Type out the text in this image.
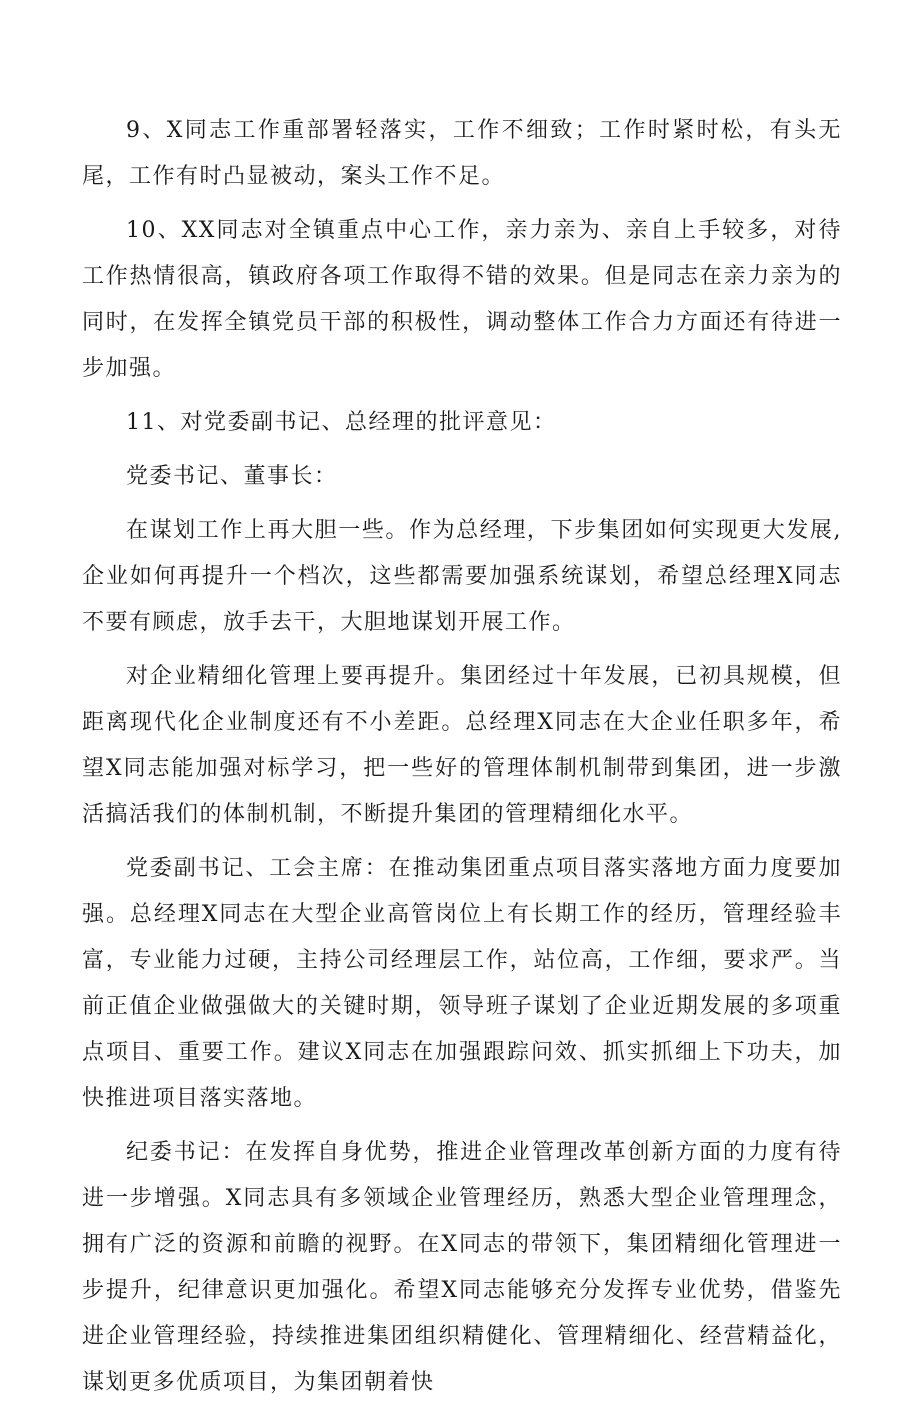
9、X同志工作重部署轻落实，工作不细致；工作时紧时松，有头无尾，工作有时凸显被动，案头工作不足。

10、XX同志对全镇重点中心工作，亲力亲为、亲自上手较多，对待工作热情很高，镇政府各项工作取得不错的效果。但是同志在亲力亲为的同时，在发挥全镇党员干部的积极性，调动整体工作合力方面还有待进一步加强。

11、对党委副书记、总经理的批评意见：

党委书记、董事长：

在谋划工作上再大胆一些。作为总经理，下步集团如何实现更大发展,企业如何再提升一个档次，这些都需要加强系统谋划，希望总经理X同志不要有顾虑，放手去干，大胆地谋划开展工作。

对企业精细化管理上要再提升。集团经过十年发展，已初具规模，但距离现代化企业制度还有不小差距。总经理X同志在大企业任职多年，希望X同志能加强对标学习，把一些好的管理体制机制带到集团，进一步激活搞活我们的体制机制，不断提升集团的管理精细化水平。

党委副书记、工会主席：在推动集团重点项目落实落地方面力度要加强。总经理X同志在大型企业高管岗位上有长期工作的经历，管理经验丰富，专业能力过硬，主持公司经理层工作，站位高，工作细，要求严。当前正值企业做强做大的关键时期，领导班子谋划了企业近期发展的多项重点项目、重要工作。建议X同志在加强跟踪问效、抓实抓细上下功夫，加快推进项目落实落地。

纪委书记：在发挥自身优势，推进企业管理改革创新方面的力度有待进一步增强。X同志具有多领域企业管理经历，熟悉大型企业管理理念，拥有广泛的资源和前瞻的视野。在X同志的带领下，集团精细化管理进一步提升，纪律意识更加强化。希望X同志能够充分发挥专业优势，借鉴先进企业管理经验，持续推进集团组织精健化、管理精细化、经营精益化，谋划更多优质项目，为集团朝着快
